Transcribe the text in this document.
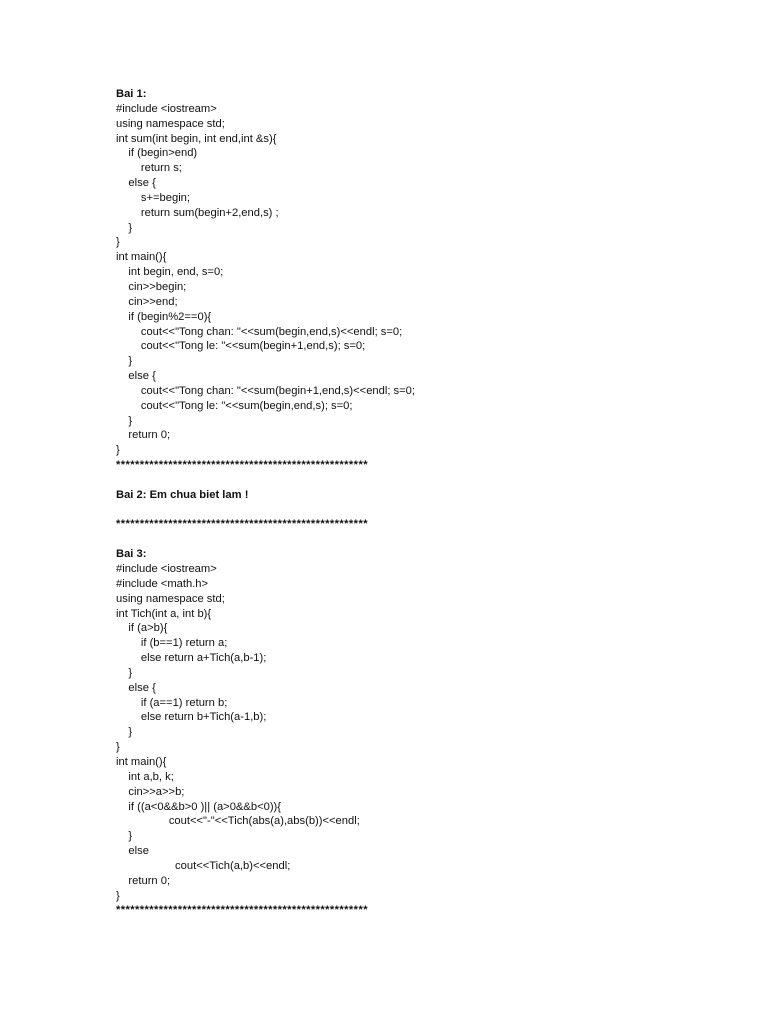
Bai 1:
#include <iostream>
using namespace std;
int sum(int begin, int end,int &s){
if (begin>end)
return s;
else {
s+=begin;
return sum(begin+2,end,s) ;
}
}
int main(){
int begin, end, s=0;
cin>>begin;
cin>>end;
if (begin%2==0){
cout<<"Tong chan: "<<sum(begin,end,s)<<endl; s=0;
cout<<"Tong le: "<<sum(begin+1,end,s); s=0;
}
else {
cout<<"Tong chan: "<<sum(begin+1,end,s)<<endl; s=0;
cout<<"Tong le: "<<sum(begin,end,s); s=0;
}
return 0;
}
*****************************************************
Bai 2: Em chua biet lam !
*****************************************************
Bai 3:
#include <iostream>
#include <math.h>
using namespace std;
int Tich(int a, int b){
if (a>b){
if (b==1) return a;
else return a+Tich(a,b-1);
}
else {
if (a==1) return b;
else return b+Tich(a-1,b);
}
}
int main(){
int a,b, k;
cin>>a>>b;
if ((a<0&&b>0 )|| (a>0&&b<0)){
cout<<"-"<<Tich(abs(a),abs(b))<<endl;
}
else
cout<<Tich(a,b)<<endl;
return 0;
}
*****************************************************
